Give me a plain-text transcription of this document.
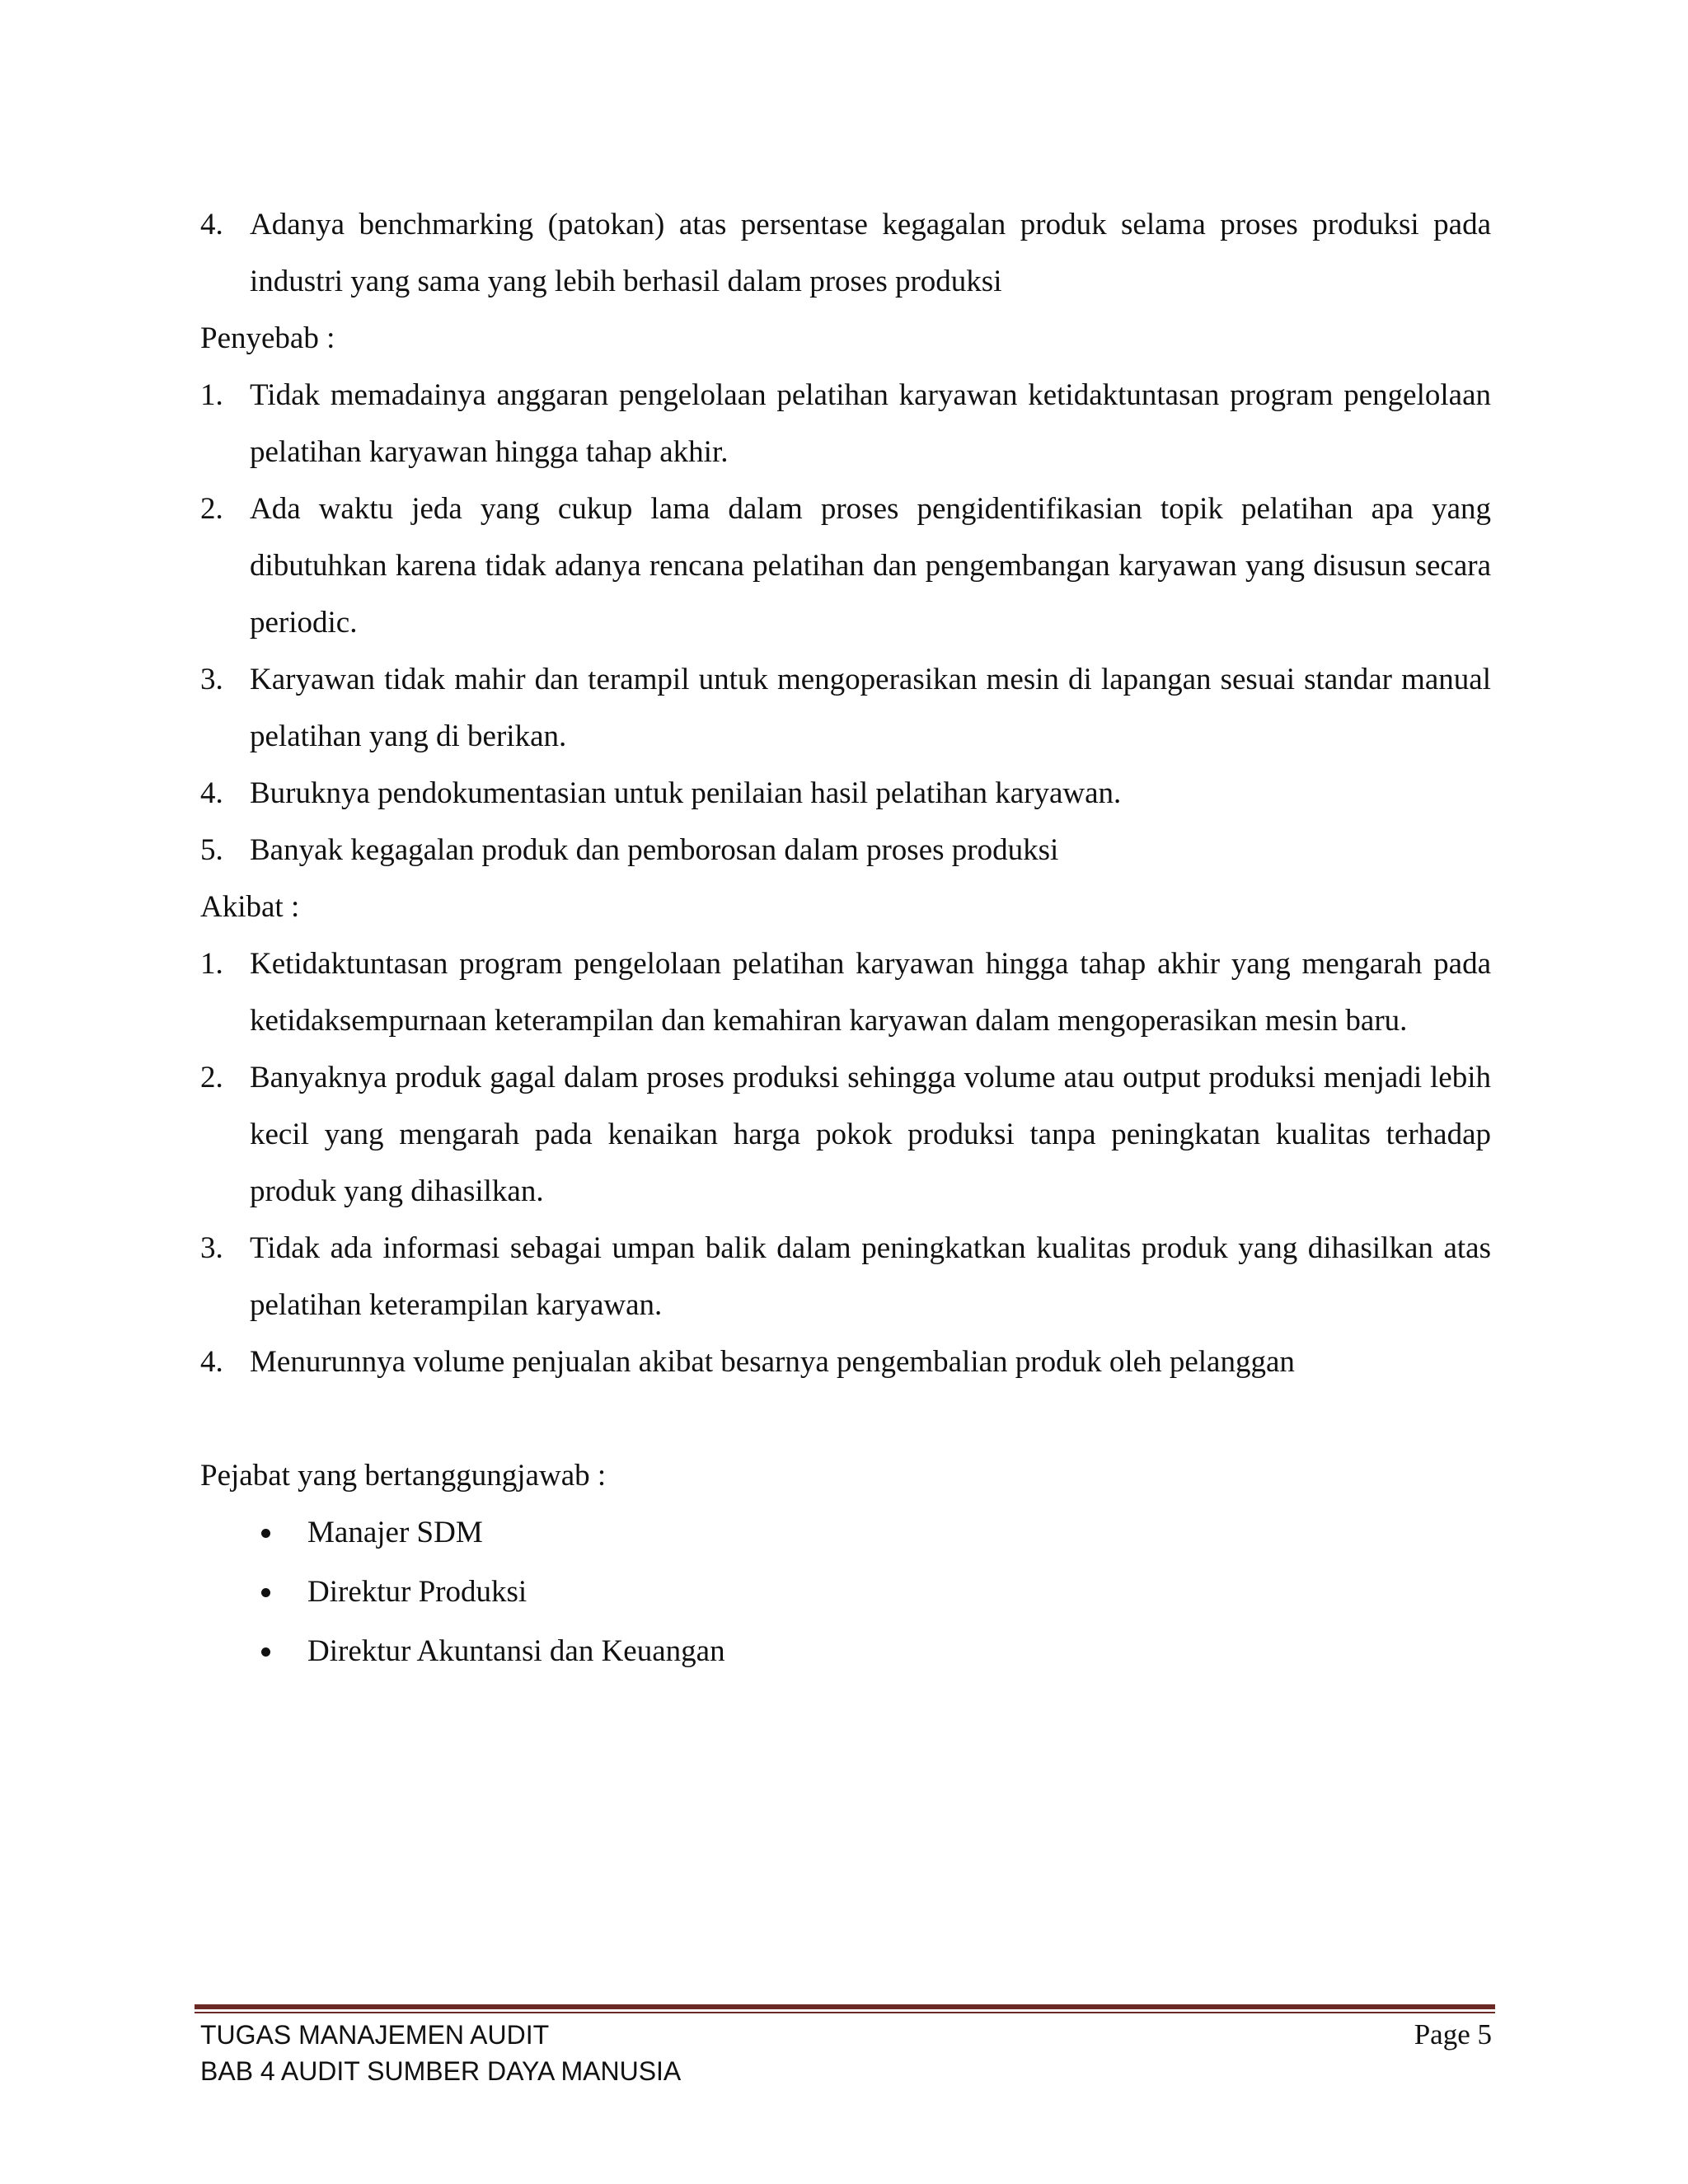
4. Adanya benchmarking (patokan) atas persentase kegagalan produk selama proses produksi pada industri yang sama yang lebih berhasil dalam proses produksi
Penyebab :
1. Tidak memadainya anggaran pengelolaan pelatihan karyawan ketidaktuntasan program pengelolaan pelatihan karyawan hingga tahap akhir.
2. Ada waktu jeda yang cukup lama dalam proses pengidentifikasian topik pelatihan apa yang dibutuhkan karena tidak adanya rencana pelatihan dan pengembangan karyawan yang disusun secara periodic.
3. Karyawan tidak mahir dan terampil untuk mengoperasikan mesin di lapangan sesuai standar manual pelatihan yang di berikan.
4. Buruknya pendokumentasian untuk penilaian hasil pelatihan karyawan.
5. Banyak kegagalan produk dan pemborosan dalam proses produksi
Akibat :
1. Ketidaktuntasan program pengelolaan pelatihan karyawan hingga tahap akhir yang mengarah pada ketidaksempurnaan keterampilan dan kemahiran karyawan dalam mengoperasikan mesin baru.
2. Banyaknya produk gagal dalam proses produksi sehingga volume atau output produksi menjadi lebih kecil yang mengarah pada kenaikan harga pokok produksi tanpa peningkatan kualitas terhadap produk yang dihasilkan.
3. Tidak ada informasi sebagai umpan balik dalam peningkatkan kualitas produk yang dihasilkan atas pelatihan keterampilan karyawan.
4. Menurunnya volume penjualan akibat besarnya pengembalian produk oleh pelanggan
Pejabat yang bertanggungjawab :
Manajer SDM
Direktur Produksi
Direktur Akuntansi dan Keuangan
TUGAS MANAJEMEN AUDIT	Page 5
BAB 4 AUDIT SUMBER DAYA MANUSIA
